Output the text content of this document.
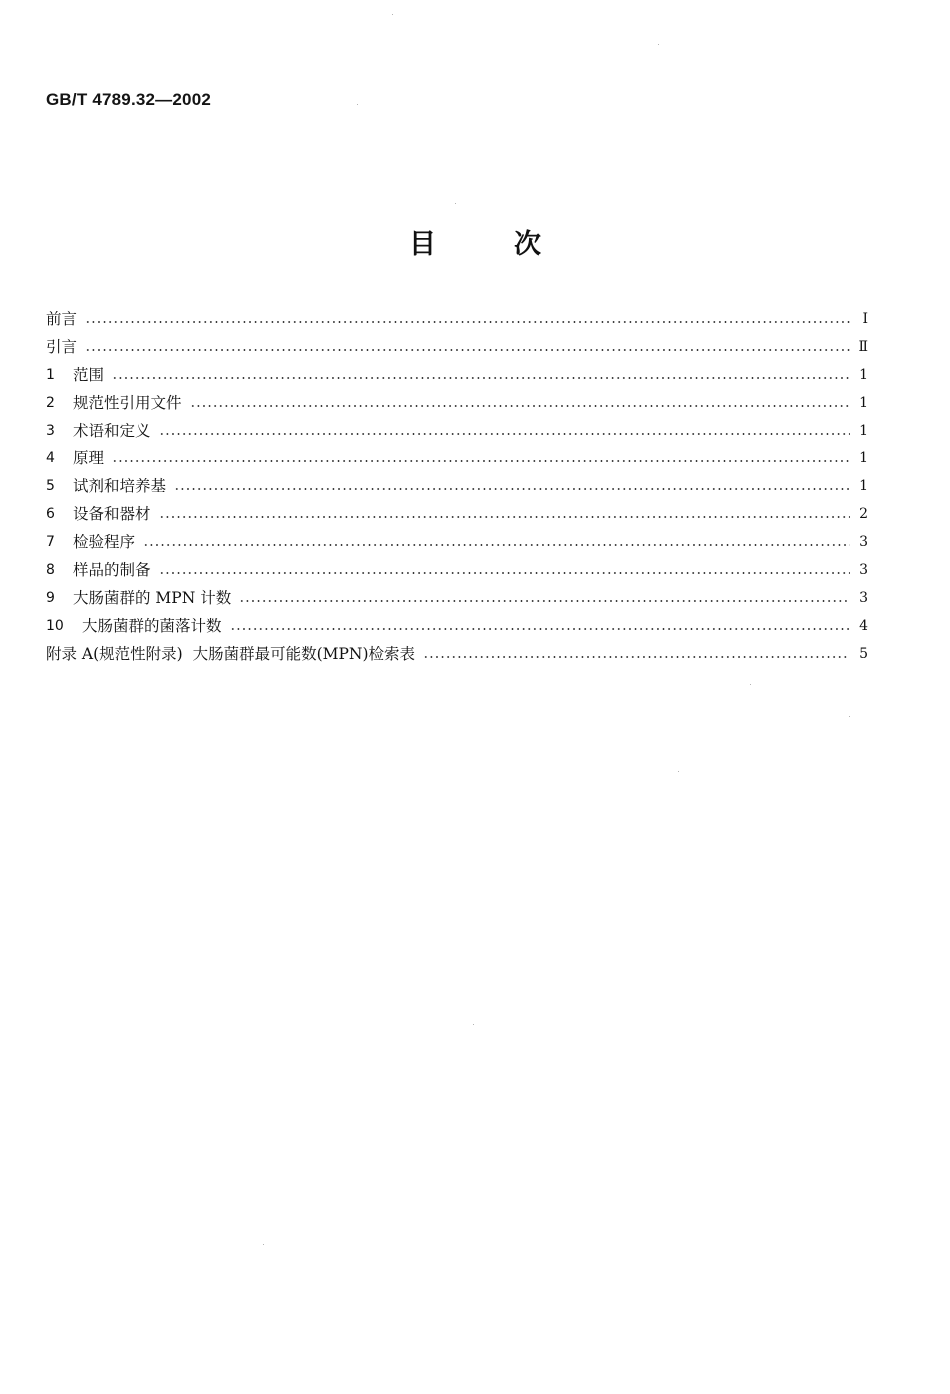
GB/T 4789.32—2002
目次
前言	I
引言	Ⅱ
1	范围	1
2	规范性引用文件	1
3	术语和定义	1
4	原理	1
5	试剂和培养基	1
6	设备和器材	2
7	检验程序	3
8	样品的制备	3
9	大肠菌群的 MPN 计数	3
10	大肠菌群的菌落计数	4
附录 A(规范性附录)  大肠菌群最可能数(MPN)检索表	5
